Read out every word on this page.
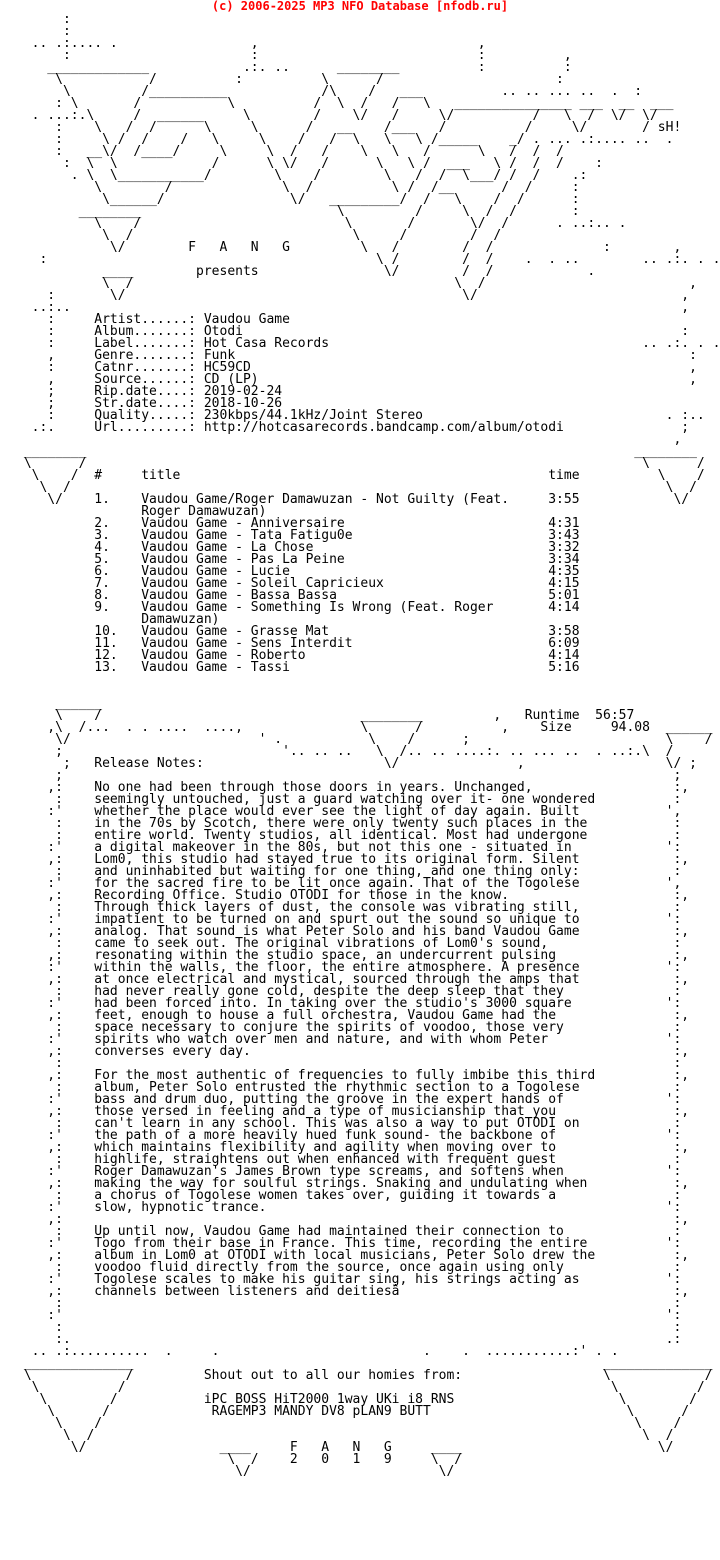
(c) 2006-2025 MP3 NFO Database [nfodb.ru]
:
:
.. .:.... .                 ,                            ,
:                       :                            :          ,
_____________            .:. ..      ________          :          :
\           /          :          \      /                      :
\         /__________            /\    /   ___          .. .. ... ..  .  :
: \       /           \          /  \  /   /   \   _______________ ___  __  ___
. ...:.\     /  ______     \        /    \/   /     \/          /   \  /  \/  \/
:    \   /  /      \     \      /   __    /___   /          /     \/       / sH!
:     \ /  /    /   \     \    /   /  \   \   \ /_____    _/ . ... .:.... ..  .
:   __\/  /____/     \     \  /   /    \   \   /      \   /  /  /
:  \  \            /      \ \/   /      \   \ /  ___   \ /  /  /    :
. \  \___________/        \    /        \   /  /  \___/ /  /    .:
\        /              \  /          \ /  /__      /  /     :
\______/                \/   _________/  /   \    /  /      :
________                         \         /     \  /  /       :
\    /                          \       /       \/  /      . ..:.. .
\  /                            \     /        /  /
\/        F   A   N   G         \   /        /  /              :        ,
:                                          \ /        /  /    .  . ..        .. .:. . .
____        presents                \/        /  /            .
\  /                                         \  /                          ,
:       \/                                           \/                          ,
..:..                                                                              ,
:     Artist......: Vaudou Game
:     Album.......: Otodi                                                        :
:     Label.......: Hot Casa Records                                        .. .:. . .
,     Genre.......: Funk                                                          :
:     Catnr.......: HC59CD                                                        ,
,     Source......: CD (LP)                                                       ,
;     Rip.date....: 2019-02-24
;     Str.date....: 2018-10-26
:     Quality.....: 230kbps/44.1kHz/Joint Stereo                               . :..
.:.     Url.........: http://hotcasarecords.bandcamp.com/album/otodi               ;
,
________                                                                      ________
\      /                                                                       \      /
\    /  #     title                                               time          \    /
\  /                                                                            \  /
\/    1.    Vaudou Game/Roger Damawuzan - Not Guilty (Feat.     3:55            \/
Roger Damawuzan)
2.    Vaudou Game - Anniversaire                          4:31
3.    Vaudou Game - Tata Fatigu0e                         3:43
4.    Vaudou Game - La Chose                              3:32
5.    Vaudou Game - Pas La Peine                          3:34
6.    Vaudou Game - Lucie                                 4:35
7.    Vaudou Game - Soleil Capricieux                     4:15
8.    Vaudou Game - Bassa Bassa                           5:01
9.    Vaudou Game - Something Is Wrong (Feat. Roger       4:14
Damawuzan)
10.   Vaudou Game - Grasse Mat                            3:58
11.   Vaudou Game - Sens Interdit                         6:09
12.   Vaudou Game - Roberto                               4:14
13.   Vaudou Game - Tassi                                 5:16
______
\    /                                 ________         ,   Runtime  56:57
,\  /...  . . ....  ....,               \      /          ,    Size     94.08  ______
\/                        ' .           \    /      ;                         \    /
;                            '.. .. ..   \  /.. .. ....:. .. ... ..  . ..:.\  /
;   Release Notes:                       \/               ,                  \/ ;
;                                                                              ;
,:    No one had been through those doors in years. Unchanged,                  :,
:    seemingly untouched, just a guard watching over it- one wondered          :
:'    whether the place would ever see the light of day again. Built           ',
:    in the 70s by Scotch, there were only twenty such places in the           :
:    entire world. Twenty studios, all identical. Most had undergone           :
:'    a digital makeover in the 80s, but not this one - situated in            ':
,:    Lom0, this studio had stayed true to its original form. Silent            :,
:    and uninhabited but waiting for one thing, and one thing only:            :
:'    for the sacred fire to be lit once again. That of the Togolese           ',
,:    Recording Office. Studio OTODI for those in the know.                     :,
:    Through thick layers of dust, the console was vibrating still,            :
:'    impatient to be turned on and spurt out the sound so unique to           ':
,:    analog. That sound is what Peter Solo and his band Vaudou Game            :,
:    came to seek out. The original vibrations of Lom0's sound,                :
,:    resonating within the studio space, an undercurrent pulsing               :,
:'    within the walls, the floor, the entire atmosphere. A presence           ':
,:    at once electrical and mystical, sourced through the amps that            :,
:    had never really gone cold, despite the deep sleep that they              :
:'    had been forced into. In taking over the studio's 3000 square            ':
,:    feet, enough to house a full orchestra, Vaudou Game had the               :,
:    space necessary to conjure the spirits of voodoo, those very              :
:'    spirits who watch over men and nature, and with whom Peter               ':
,:    converses every day.                                                      :,
:                                                                              :
,:    For the most authentic of frequencies to fully imbibe this third          :,
:    album, Peter Solo entrusted the rhythmic section to a Togolese            :
:'    bass and drum duo, putting the groove in the expert hands of             ':
,:    those versed in feeling and a type of musicianship that you               :,
:    can't learn in any school. This was also a way to put OTODI on            :
:'    the path of a more heavily hued funk sound- the backbone of              ':
,:    which maintains flexibility and agility when moving over to               :,
:    highlife, straightens out when enhanced with frequent guest               :
:'    Roger Damawuzan's James Brown type screams, and softens when             ':
,:    making the way for soulful strings. Snaking and undulating when           :,
:    a chorus of Togolese women takes over, guiding it towards a               :
:'    slow, hypnotic trance.                                                   ':
,:                                                                              :,
:    Up until now, Vaudou Game had maintained their connection to              :
:'    Togo from their base in France. This time, recording the entire          ':
,:    album in Lom0 at OTODI with local musicians, Peter Solo drew the          :,
:    voodoo fluid directly from the source, once again using only              :
:'    Togolese scales to make his guitar sing, his strings acting as           ':
,:    channels between listeners and deitiesâ                                   :,
:                                                                              :
:'                                                                             ':
:                                                                              :
:.                                                                            .:
.. .:..........  .     .                          .    .  ...........:' . .
______________                                                            ______________
\            /         Shout out to all our homies from:                  \            /
\          /                                                              \          /
\        /           iPC BOSS HiT2000 1way UKi i8 RNS                     \        /
\      /             RAGEMP3 MANDY DV8 pLAN9 BUTT                         \      /
\    /                                                                    \    /
\  /                                                                      \  /
\/                 ____     F   A   N   G     ____                         \/
\  /    2   0   1   9     \  /
\/                        \/
